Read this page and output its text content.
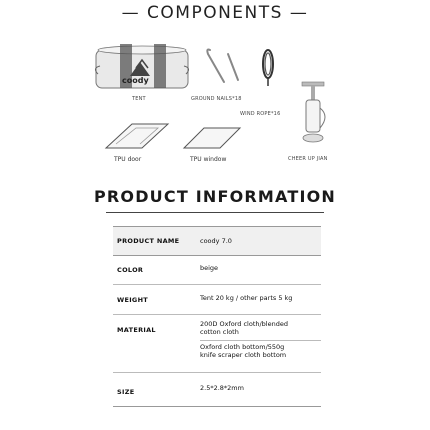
— COMPONENTS —
coody
TENT	GROUND NAILS*18
WIND ROPE*16
TPU door	TPU window	CHEER UP JIAN
PRODUCT INFORMATION
PRODUCT NAME	coody 7.0
COLOR	beige
WEIGHT	Tent 20 kg / other parts 5 kg
MATERIAL
200D Oxford cloth/blended
cotton cloth
Oxford cloth bottom/550g
knife scraper cloth bottom
SIZE	2.5*2.8*2mm
